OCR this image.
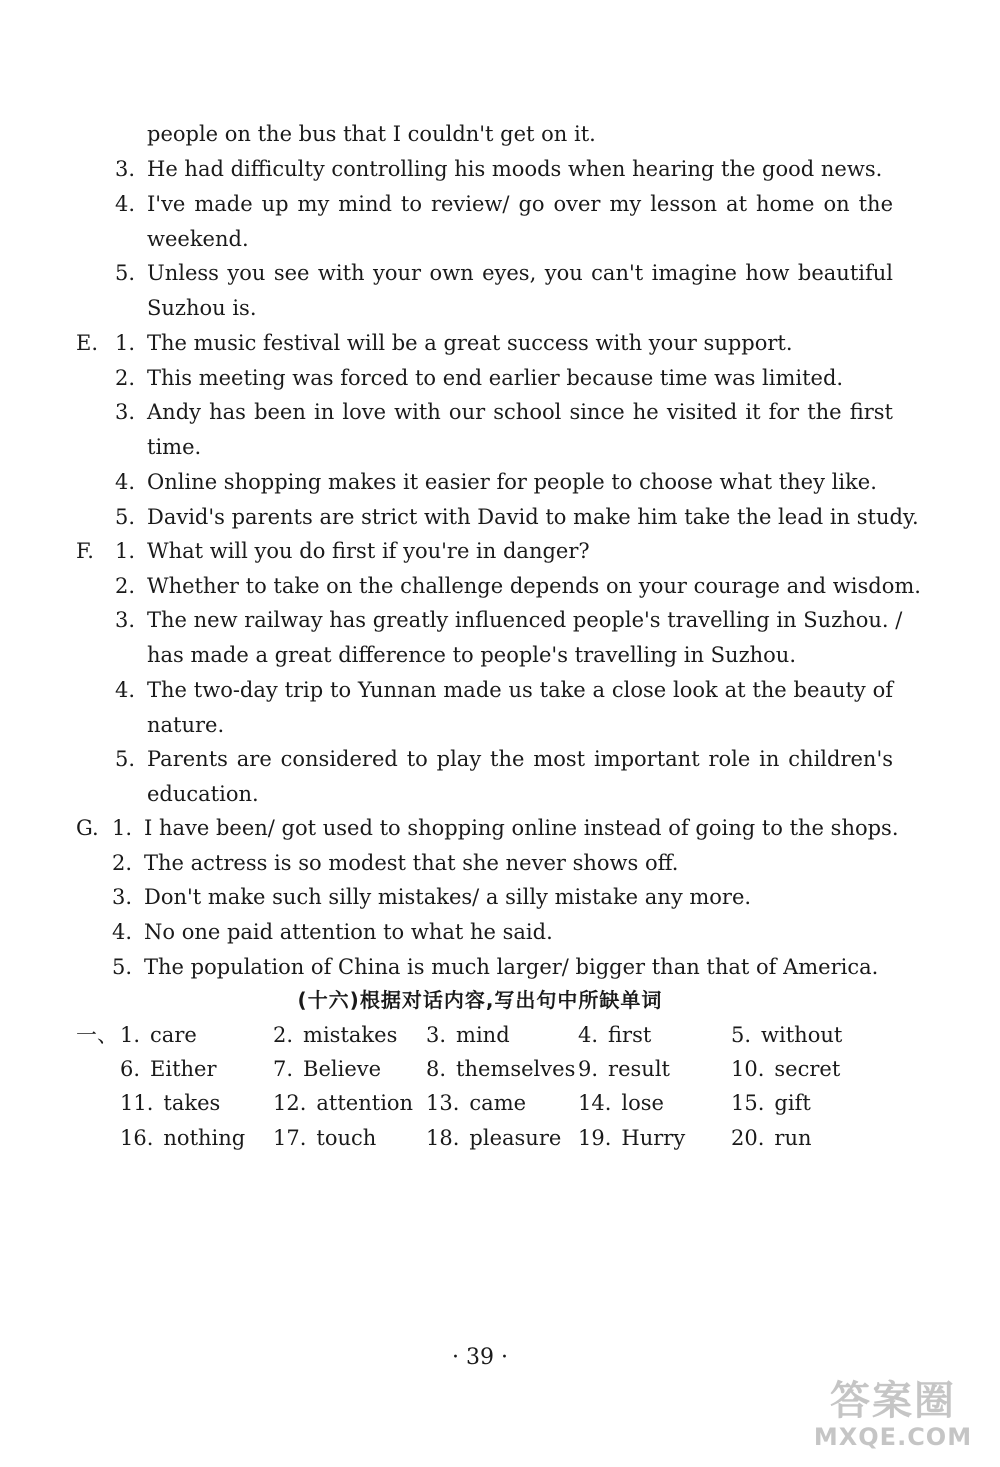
people on the bus that I couldn't get on it.
3. He had difficulty controlling his moods when hearing the good news.
4. I've made up my mind to review/ go over my lesson at home on the
weekend.
5. Unless you see with your own eyes, you can't imagine how beautiful
Suzhou is.
E. 1. The music festival will be a great success with your support.
2. This meeting was forced to end earlier because time was limited.
3. Andy has been in love with our school since he visited it for the first
time.
4. Online shopping makes it easier for people to choose what they like.
5. David's parents are strict with David to make him take the lead in study.
F. 1. What will you do first if you're in danger?
2. Whether to take on the challenge depends on your courage and wisdom.
3. The new railway has greatly influenced people's travelling in Suzhou. /
has made a great difference to people's travelling in Suzhou.
4. The two-day trip to Yunnan made us take a close look at the beauty of
nature.
5. Parents are considered to play the most important role in children's
education.
G. 1. I have been/ got used to shopping online instead of going to the shops.
2. The actress is so modest that she never shows off.
3. Don't make such silly mistakes/ a silly mistake any more.
4. No one paid attention to what he said.
5. The population of China is much larger/ bigger than that of America.
(十六)根据对话内容,写出句中所缺单词
一、 1. care	2. mistakes 3. mind	4. first	5. without
6. Either	7. Believe 8. themselves 9. result	10. secret
11. takes	12. attention 13. came 14. lose	15. gift
16. nothing 17. touch 18. pleasure 19. Hurry 20. run
· 39 ·
答案圈
MXQE.COM
